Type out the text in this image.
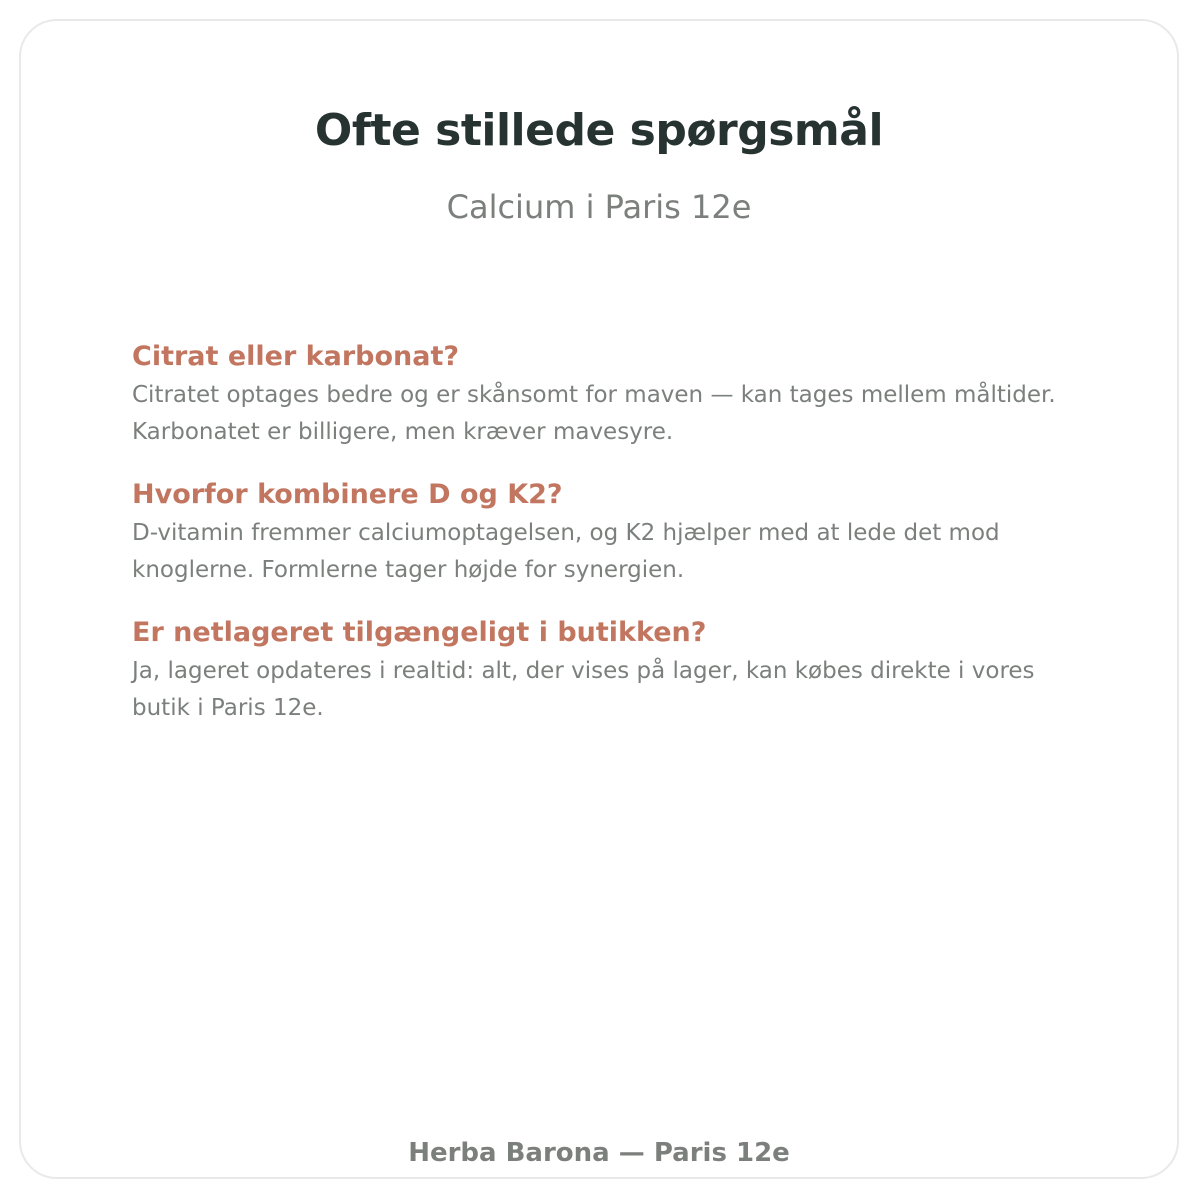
Ofte stillede spørgsmål

Calcium i Paris 12e

Citrat eller karbonat?

Citratet optages bedre og er skånsomt for maven — kan tages mellem måltider. Karbonatet er billigere, men kræver mavesyre.

Hvorfor kombinere D og K2?

D-vitamin fremmer calciumoptagelsen, og K2 hjælper med at lede det mod knoglerne. Formlerne tager højde for synergien.

Er netlageret tilgængeligt i butikken?

Ja, lageret opdateres i realtid: alt, der vises på lager, kan købes direkte i vores butik i Paris 12e.

Herba Barona — Paris 12e
